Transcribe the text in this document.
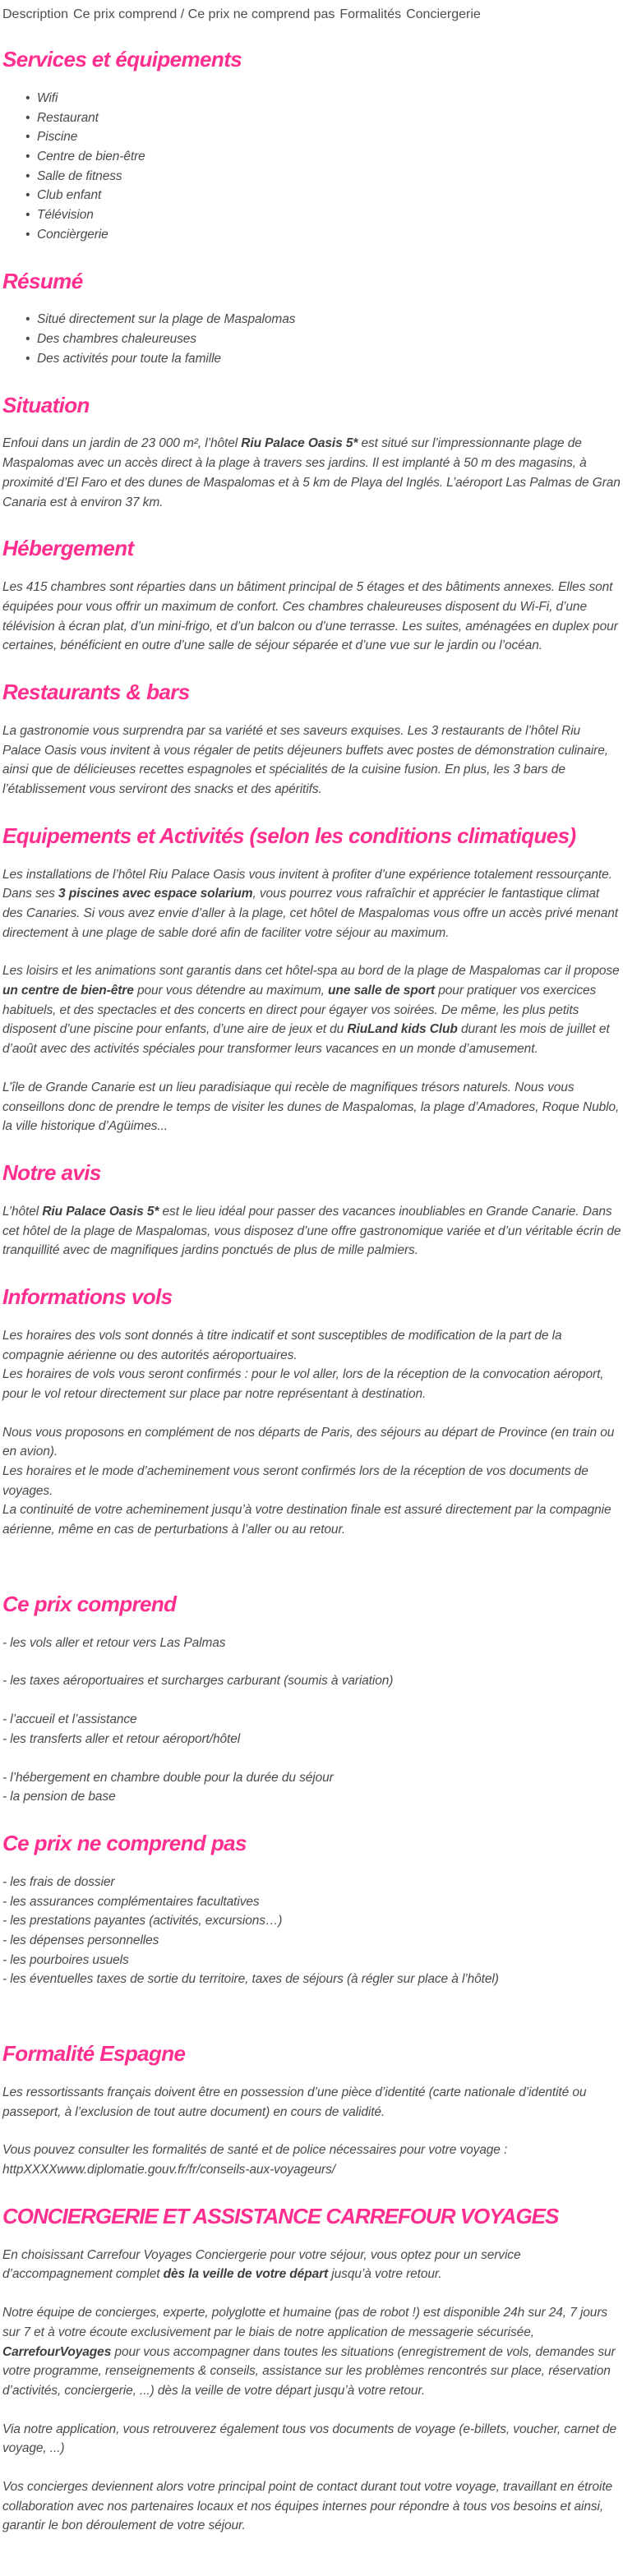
Description Ce prix comprend / Ce prix ne comprend pas Formalités Conciergerie
Services et équipements
• Wifi
• Restaurant
• Piscine
• Centre de bien-être
• Salle de fitness
• Club enfant
• Télévision
• Concièrgerie
Résumé
• Situé directement sur la plage de Maspalomas
• Des chambres chaleureuses
• Des activités pour toute la famille
Situation

Enfoui dans un jardin de 23 000 m², l’hôtel Riu Palace Oasis 5* est situé sur l’impressionnante plage de Maspalomas avec un accès direct à la plage à travers ses jardins. Il est implanté à 50 m des magasins, à proximité d’El Faro et des dunes de Maspalomas et à 5 km de Playa del Inglés. L’aéroport Las Palmas de Gran Canaria est à environ 37 km.

Hébergement

Les 415 chambres sont réparties dans un bâtiment principal de 5 étages et des bâtiments annexes. Elles sont équipées pour vous offrir un maximum de confort. Ces chambres chaleureuses disposent du Wi-Fi, d’une télévision à écran plat, d’un mini-frigo, et d’un balcon ou d’une terrasse. Les suites, aménagées en duplex pour certaines, bénéficient en outre d’une salle de séjour séparée et d’une vue sur le jardin ou l’océan.

Restaurants & bars

La gastronomie vous surprendra par sa variété et ses saveurs exquises. Les 3 restaurants de l’hôtel Riu Palace Oasis vous invitent à vous régaler de petits déjeuners buffets avec postes de démonstration culinaire, ainsi que de délicieuses recettes espagnoles et spécialités de la cuisine fusion. En plus, les 3 bars de l’établissement vous serviront des snacks et des apéritifs.

Equipements et Activités (selon les conditions climatiques)

Les installations de l’hôtel Riu Palace Oasis vous invitent à profiter d’une expérience totalement ressourçante. Dans ses 3 piscines avec espace solarium, vous pourrez vous rafraîchir et apprécier le fantastique climat des Canaries. Si vous avez envie d’aller à la plage, cet hôtel de Maspalomas vous offre un accès privé menant directement à une plage de sable doré afin de faciliter votre séjour au maximum.

Les loisirs et les animations sont garantis dans cet hôtel-spa au bord de la plage de Maspalomas car il propose un centre de bien-être pour vous détendre au maximum, une salle de sport pour pratiquer vos exercices habituels, et des spectacles et des concerts en direct pour égayer vos soirées. De même, les plus petits disposent d’une piscine pour enfants, d’une aire de jeux et du RiuLand kids Club durant les mois de juillet et d’août avec des activités spéciales pour transformer leurs vacances en un monde d’amusement.

L’île de Grande Canarie est un lieu paradisiaque qui recèle de magnifiques trésors naturels. Nous vous conseillons donc de prendre le temps de visiter les dunes de Maspalomas, la plage d’Amadores, Roque Nublo, la ville historique d’Agüimes...

Notre avis

L’hôtel Riu Palace Oasis 5* est le lieu idéal pour passer des vacances inoubliables en Grande Canarie. Dans cet hôtel de la plage de Maspalomas, vous disposez d’une offre gastronomique variée et d’un véritable écrin de tranquillité avec de magnifiques jardins ponctués de plus de mille palmiers.

Informations vols

Les horaires des vols sont donnés à titre indicatif et sont susceptibles de modification de la part de la compagnie aérienne ou des autorités aéroportuaires.
Les horaires de vols vous seront confirmés : pour le vol aller, lors de la réception de la convocation aéroport, pour le vol retour directement sur place par notre représentant à destination.

Nous vous proposons en complément de nos départs de Paris, des séjours au départ de Province (en train ou en avion).
Les horaires et le mode d’acheminement vous seront confirmés lors de la réception de vos documents de voyages.
La continuité de votre acheminement jusqu’à votre destination finale est assuré directement par la compagnie aérienne, même en cas de perturbations à l’aller ou au retour.

Ce prix comprend

- les vols aller et retour vers Las Palmas

- les taxes aéroportuaires et surcharges carburant (soumis à variation)

- l’accueil et l’assistance
- les transferts aller et retour aéroport/hôtel

- l’hébergement en chambre double pour la durée du séjour
- la pension de base

Ce prix ne comprend pas

- les frais de dossier
- les assurances complémentaires facultatives
- les prestations payantes (activités, excursions…)
- les dépenses personnelles
- les pourboires usuels
- les éventuelles taxes de sortie du territoire, taxes de séjours (à régler sur place à l’hôtel)

Formalité Espagne

Les ressortissants français doivent être en possession d’une pièce d’identité (carte nationale d’identité ou passeport, à l’exclusion de tout autre document) en cours de validité.

Vous pouvez consulter les formalités de santé et de police nécessaires pour votre voyage :
httpXXXXwww.diplomatie.gouv.fr/fr/conseils-aux-voyageurs/

CONCIERGERIE ET ASSISTANCE CARREFOUR VOYAGES

En choisissant Carrefour Voyages Conciergerie pour votre séjour, vous optez pour un service d’accompagnement complet dès la veille de votre départ jusqu’à votre retour.

Notre équipe de concierges, experte, polyglotte et humaine (pas de robot !) est disponible 24h sur 24, 7 jours sur 7 et à votre écoute exclusivement par le biais de notre application de messagerie sécurisée, CarrefourVoyages pour vous accompagner dans toutes les situations (enregistrement de vols, demandes sur votre programme, renseignements & conseils, assistance sur les problèmes rencontrés sur place, réservation d’activités, conciergerie, ...) dès la veille de votre départ jusqu’à votre retour.

Via notre application, vous retrouverez également tous vos documents de voyage (e-billets, voucher, carnet de voyage, ...)

Vos concierges deviennent alors votre principal point de contact durant tout votre voyage, travaillant en étroite collaboration avec nos partenaires locaux et nos équipes internes pour répondre à tous vos besoins et ainsi, garantir le bon déroulement de votre séjour.
